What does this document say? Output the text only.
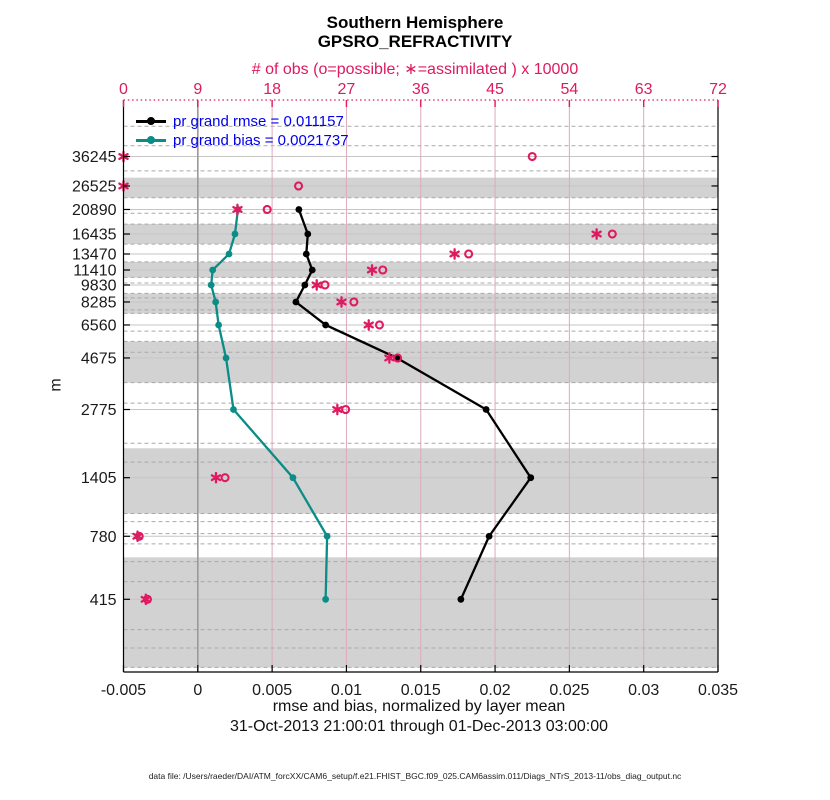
-0.005	0	0.005 0.01 0.015 0.02 0.025 0.03 0.035
0	9	18	27	36	45	54	63	72
36245
26525
20890
16435
13470
11410
9830
8285
6560
4675
2775
1405
780
415
Southern Hemisphere
GPSRO_REFRACTIVITY
# of obs (o=possible; ∗=assimilated ) x 10000
pr grand rmse = 0.011157
pr grand bias = 0.0021737
m
rmse and bias, normalized by layer mean
31-Oct-2013 21:00:01 through 01-Dec-2013 03:00:00
data file: /Users/raeder/DAI/ATM_forcXX/CAM6_setup/f.e21.FHIST_BGC.f09_025.CAM6assim.011/Diags_NTrS_2013-11/obs_diag_output.nc
